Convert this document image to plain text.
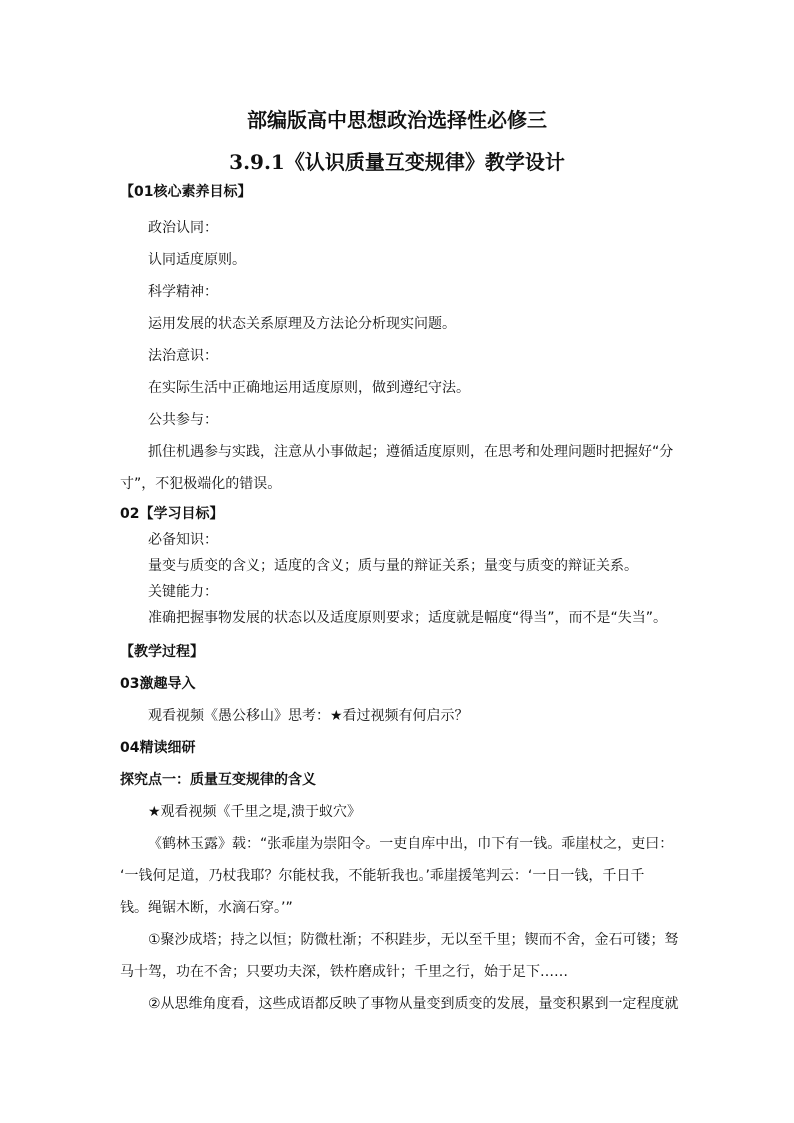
部编版高中思想政治选择性必修三
3.9.1《认识质量互变规律》教学设计
【01核心素养目标】
政治认同：
认同适度原则。
科学精神：
运用发展的状态关系原理及方法论分析现实问题。
法治意识：
在实际生活中正确地运用适度原则，做到遵纪守法。
公共参与：
抓住机遇参与实践，注意从小事做起；遵循适度原则，在思考和处理问题时把握好“分
寸”，不犯极端化的错误。
02【学习目标】
必备知识：
量变与质变的含义；适度的含义；质与量的辩证关系；量变与质变的辩证关系。
关键能力：
准确把握事物发展的状态以及适度原则要求；适度就是幅度“得当”，而不是“失当”。
【教学过程】
03激趣导入
观看视频《愚公移山》思考：★看过视频有何启示？
04精读细研
探究点一：质量互变规律的含义
★观看视频《千里之堤,溃于蚁穴》
《鹤林玉露》载：“张乖崖为崇阳令。一吏自库中出，巾下有一钱。乖崖杖之，吏曰：
‘一钱何足道，乃杖我耶？尔能杖我，不能斩我也。’乖崖援笔判云：‘一日一钱，千日千
钱。绳锯木断，水滴石穿。’”
①聚沙成塔；持之以恒；防微杜渐；不积跬步，无以至千里；锲而不舍，金石可镂；驽
马十驾，功在不舍；只要功夫深，铁杵磨成针；千里之行，始于足下……
②从思维角度看，这些成语都反映了事物从量变到质变的发展，量变积累到一定程度就
